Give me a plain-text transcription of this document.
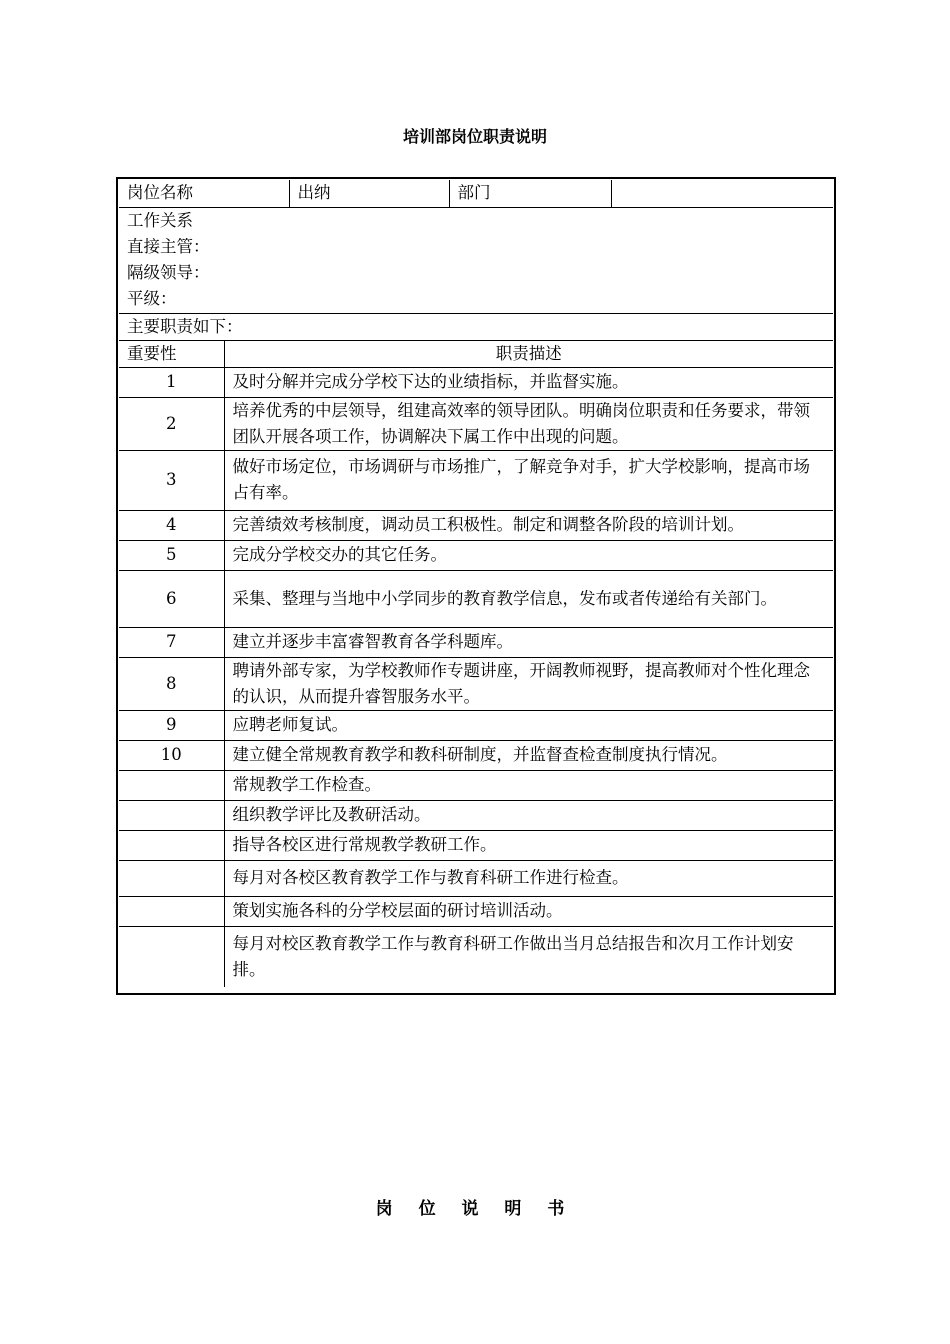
培训部岗位职责说明
岗位名称		出纳	部门	

工作关系
直接主管：
隔级领导：
平级：				

主要职责如下：				
重要性	职责描述			
1	及时分解并完成分学校下达的业绩指标，并监督实施。			
2	培养优秀的中层领导，组建高效率的领导团队。明确岗位职责和任务要求，带领团队开展各项工作，协调解决下属工作中出现的问题。			
3	做好市场定位，市场调研与市场推广，了解竞争对手，扩大学校影响，提高市场占有率。			
4	完善绩效考核制度，调动员工积极性。制定和调整各阶段的培训计划。			
5	完成分学校交办的其它任务。			
6	采集、整理与当地中小学同步的教育教学信息，发布或者传递给有关部门。			
7	建立并逐步丰富睿智教育各学科题库。			
8	聘请外部专家，为学校教师作专题讲座，开阔教师视野，提高教师对个性化理念的认识，从而提升睿智服务水平。			
9	应聘老师复试。			
10	建立健全常规教育教学和教科研制度，并监督查检查制度执行情况。			
	常规教学工作检查。			
	组织教学评比及教研活动。			
	指导各校区进行常规教学教研工作。			
	每月对各校区教育教学工作与教育科研工作进行检查。			
	策划实施各科的分学校层面的研讨培训活动。			
	每月对校区教育教学工作与教育科研工作做出当月总结报告和次月工作计划安排。			
岗 位 说 明 书
